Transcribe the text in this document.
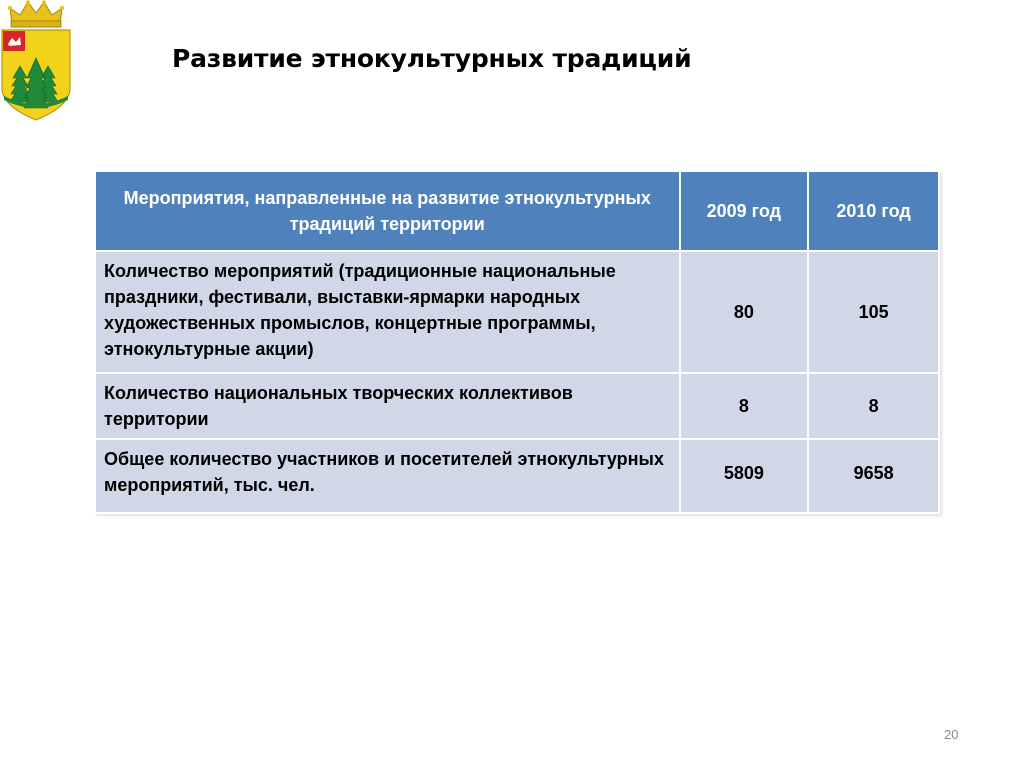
Развитие этнокультурных традиций
Мероприятия, направленные на развитие этнокультурных традиций территории	2009 год	2010 год
Количество мероприятий (традиционные национальные праздники, фестивали, выставки-ярмарки народных художественных промыслов, концертные программы, этнокультурные акции)	80	105
Количество национальных творческих коллективов территории	8	8
Общее количество участников и посетителей этнокультурных мероприятий, тыс. чел.	5809	9658
20
